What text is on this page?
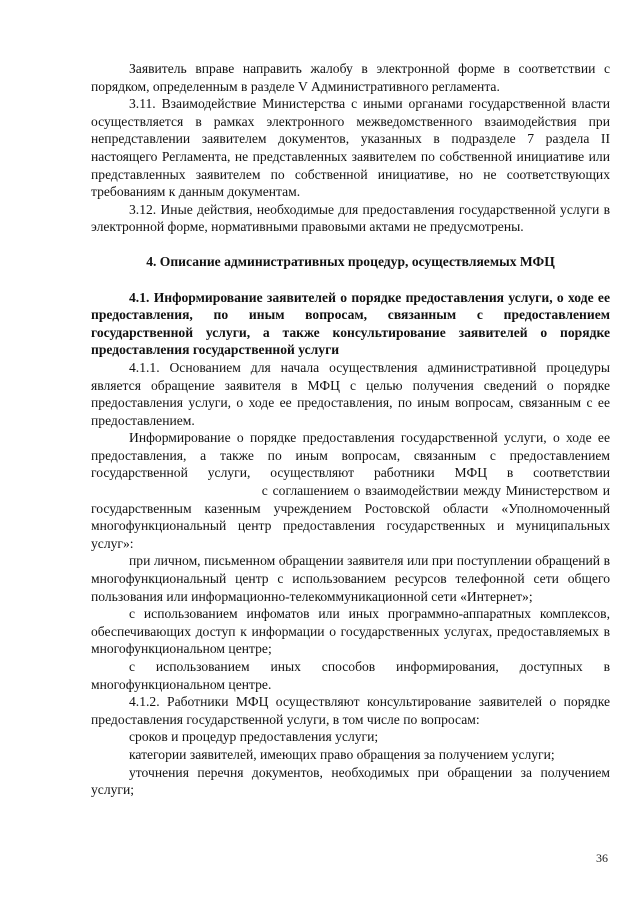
Заявитель вправе направить жалобу в электронной форме в соответствии с порядком, определенным в разделе V Административного регламента.

3.11. Взаимодействие Министерства с иными органами государственной власти осуществляется в рамках электронного межведомственного взаимодействия при непредставлении заявителем документов, указанных в подразделе 7 раздела II настоящего Регламента, не представленных заявителем по собственной инициативе или представленных заявителем по собственной инициативе, но не соответствующих требованиям к данным документам.

3.12. Иные действия, необходимые для предоставления государственной услуги в электронной форме, нормативными правовыми актами не предусмотрены.

4. Описание административных процедур, осуществляемых МФЦ

4.1. Информирование заявителей о порядке предоставления услуги, о ходе ее предоставления, по иным вопросам, связанным с предоставлением государственной услуги, а также консультирование заявителей о порядке предоставления государственной услуги

4.1.1. Основанием для начала осуществления административной процедуры является обращение заявителя в МФЦ с целью получения сведений о порядке предоставления услуги, о ходе ее предоставления, по иным вопросам, связанным с ее предоставлением.

Информирование о порядке предоставления государственной услуги, о ходе ее предоставления, а также по иным вопросам, связанным с предоставлением государственной услуги, осуществляют работники МФЦ в соответствии  с соглашением о взаимодействии между Министерством и государственным казенным учреждением Ростовской области «Уполномоченный многофункциональный центр предоставления государственных и муниципальных услуг»:

при личном, письменном обращении заявителя или при поступлении обращений в многофункциональный центр с использованием ресурсов телефонной сети общего пользования или информационно-телекоммуникационной сети «Интернет»;

с использованием инфоматов или иных программно-аппаратных комплексов, обеспечивающих доступ к информации о государственных услугах, предоставляемых в многофункциональном центре;

с использованием иных способов информирования, доступных в многофункциональном центре.

4.1.2. Работники МФЦ осуществляют консультирование заявителей о порядке предоставления государственной услуги, в том числе по вопросам:

сроков и процедур предоставления услуги;

категории заявителей, имеющих право обращения за получением услуги;

уточнения перечня документов, необходимых при обращении за получением услуги;

36
